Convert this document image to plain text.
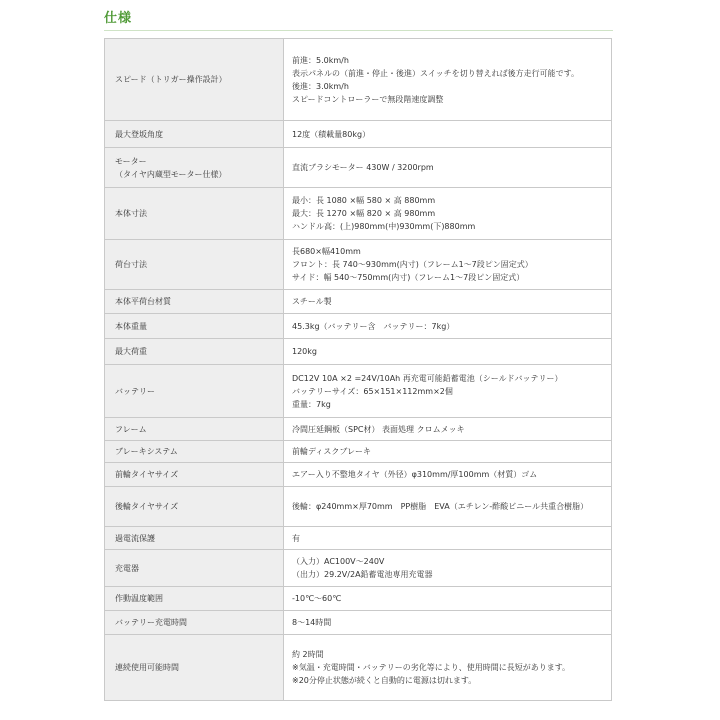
仕様
スピード（トリガー操作設計）	前進：5.0km/h
表示パネルの（前進・停止・後進）スイッチを切り替えれば後方走行可能です。
後進：3.0km/h
スピードコントローラーで無段階速度調整
最大登坂角度	12度（積載量80kg）
モーター
（タイヤ内蔵型モーター仕様）	直流ブラシモーター 430W / 3200rpm
本体寸法	最小：長 1080 ×幅 580 × 高 880mm
最大：長 1270 ×幅 820 × 高 980mm
ハンドル高：(上)980mm(中)930mm(下)880mm
荷台寸法	長680×幅410mm
フロント：長 740〜930mm(内寸)（フレーム1〜7段ピン固定式）
サイド：幅 540〜750mm(内寸)（フレーム1〜7段ピン固定式）
本体平荷台材質	スチール製
本体重量	45.3kg（バッテリー含　バッテリー：7kg）
最大荷重	120kg
バッテリー	DC12V 10A ×2 =24V/10Ah 再充電可能鉛蓄電池（シールドバッテリー）
バッテリーサイズ：65×151×112mm×2個
重量：7kg
フレーム	冷間圧延鋼板（SPC材） 表面処理 クロムメッキ
ブレーキシステム	前輪ディスクブレーキ
前輪タイヤサイズ	エアー入り不整地タイヤ（外径）φ310mm/厚100mm（材質）ゴム
後輪タイヤサイズ	後輪：φ240mm×厚70mm　PP樹脂　EVA（エチレン-酢酸ビニール共重合樹脂）
過電流保護	有
充電器	（入力）AC100V〜240V
（出力）29.2V/2A鉛蓄電池専用充電器
作動温度範囲	-10℃〜60℃
バッテリー充電時間	8〜14時間
連続使用可能時間	約 2時間
※気温・充電時間・バッテリーの劣化等により、使用時間に長短があります。
※20分停止状態が続くと自動的に電源は切れます。
